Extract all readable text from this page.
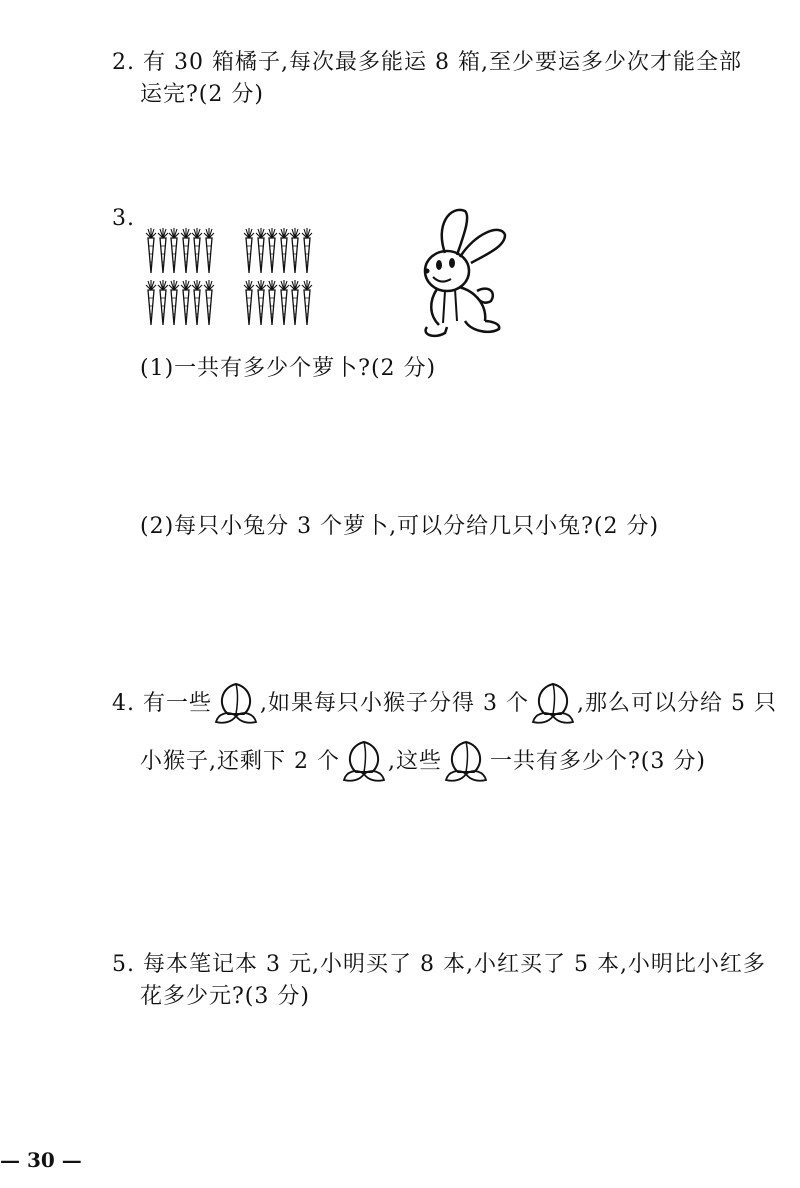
2. 有 30 箱橘子,每次最多能运 8 箱,至少要运多少次才能全部
运完?(2 分)
3.
(1)一共有多少个萝卜?(2 分)
(2)每只小兔分 3 个萝卜,可以分给几只小兔?(2 分)
4. 有一些 ,如果每只小猴子分得 3 个 ,那么可以分给 5 只
小猴子,还剩下 2 个 ,这些 一共有多少个?(3 分)
5. 每本笔记本 3 元,小明买了 8 本,小红买了 5 本,小明比小红多
花多少元?(3 分)
— 30 —
